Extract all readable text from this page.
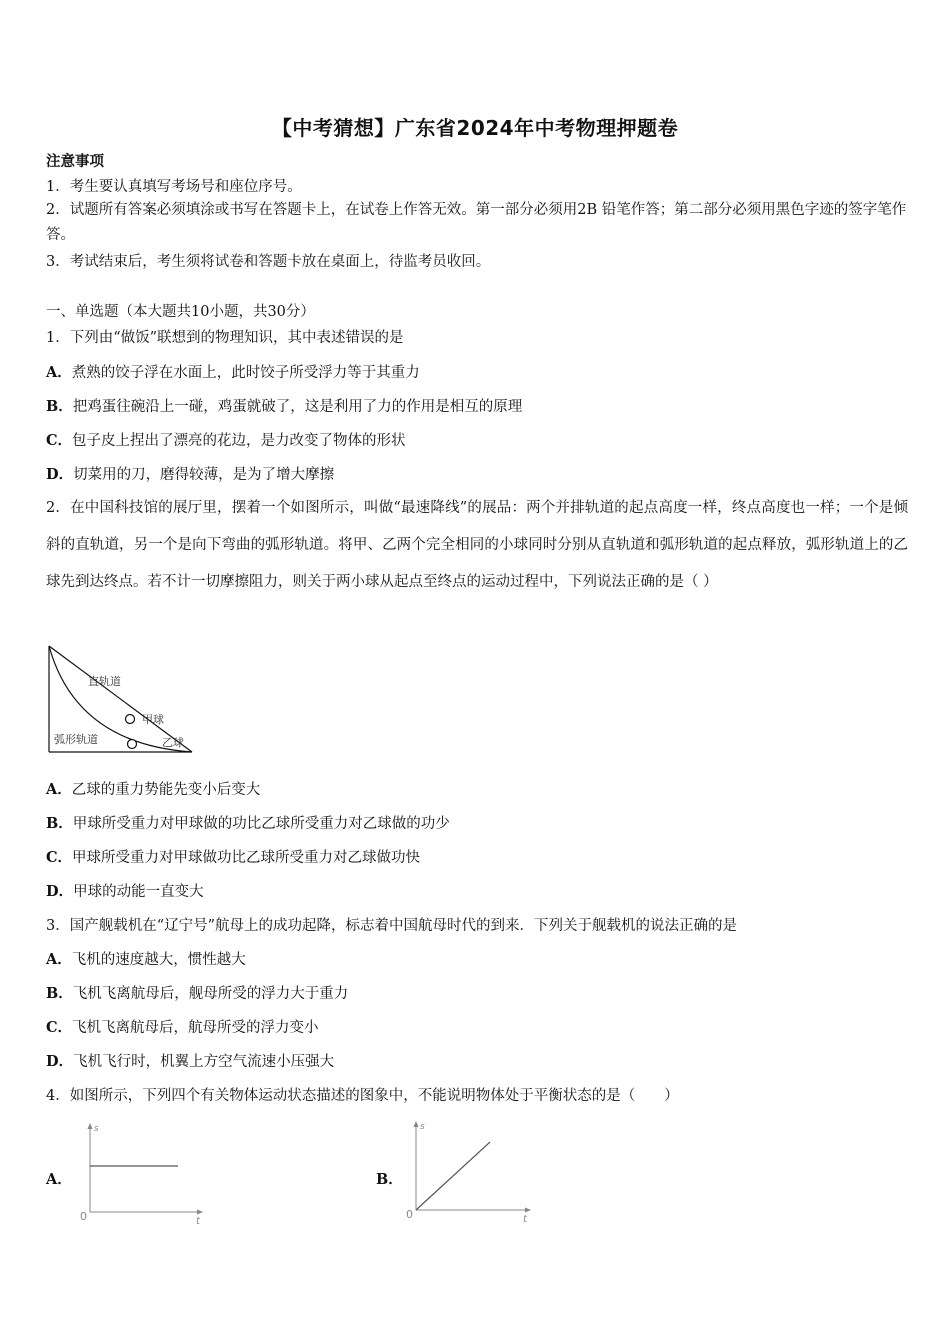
【中考猜想】广东省2024年中考物理押题卷
注意事项
1．考生要认真填写考场号和座位序号。
2．试题所有答案必须填涂或书写在答题卡上，在试卷上作答无效。第一部分必须用2B 铅笔作答；第二部分必须用黑色字迹的签字笔作答。
3．考试结束后，考生须将试卷和答题卡放在桌面上，待监考员收回。
一、单选题（本大题共10小题，共30分）
1．下列由“做饭”联想到的物理知识，其中表述错误的是
A．煮熟的饺子浮在水面上，此时饺子所受浮力等于其重力
B．把鸡蛋往碗沿上一碰，鸡蛋就破了，这是利用了力的作用是相互的原理
C．包子皮上捏出了漂亮的花边，是力改变了物体的形状
D．切菜用的刀，磨得较薄，是为了增大摩擦
2．在中国科技馆的展厅里，摆着一个如图所示，叫做“最速降线”的展品：两个并排轨道的起点高度一样，终点高度也一样；一个是倾斜的直轨道，另一个是向下弯曲的弧形轨道。将甲、乙两个完全相同的小球同时分别从直轨道和弧形轨道的起点释放，弧形轨道上的乙球先到达终点。若不计一切摩擦阻力，则关于两小球从起点至终点的运动过程中，下列说法正确的是（ ）
直轨道
甲球
弧形轨道	乙球
A．乙球的重力势能先变小后变大
B．甲球所受重力对甲球做的功比乙球所受重力对乙球做的功少
C．甲球所受重力对甲球做功比乙球所受重力对乙球做功快
D．甲球的动能一直变大
3．国产舰载机在“辽宁号”航母上的成功起降，标志着中国航母时代的到来．下列关于舰载机的说法正确的是
A．飞机的速度越大，惯性越大
B．飞机飞离航母后，舰母所受的浮力大于重力
C．飞机飞离航母后，航母所受的浮力变小
D．飞机飞行时，机翼上方空气流速小压强大
4．如图所示，下列四个有关物体运动状态描述的图象中，不能说明物体处于平衡状态的是（　　）
A．
s
t
0
B．
s
t
0
